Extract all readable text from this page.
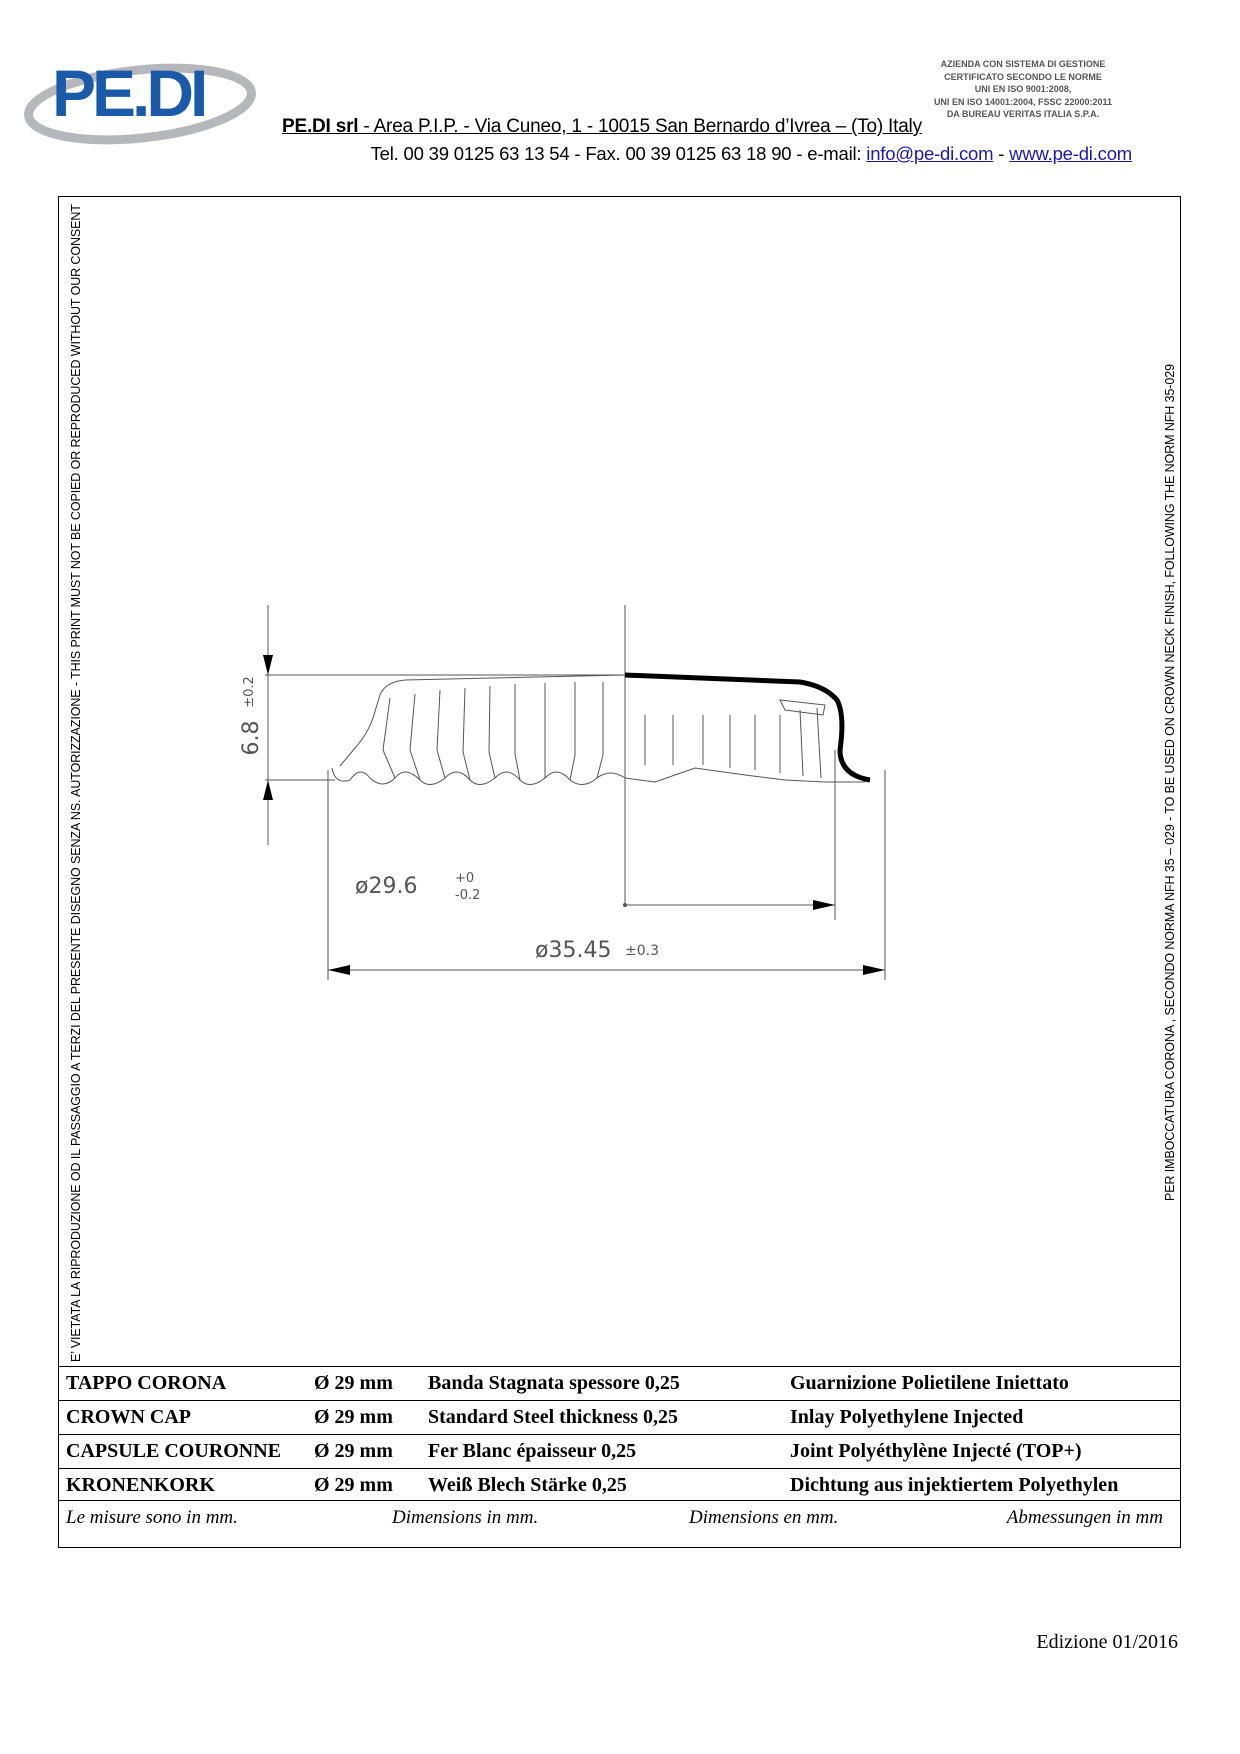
PE.DI	AZIENDA CON SISTEMA DI GESTIONE
CERTIFICATO SECONDO LE NORME
UNI EN ISO 9001:2008,
UNI EN ISO 14001:2004, FSSC 22000:2011
DA BUREAU VERITAS ITALIA S.P.A.
PE.DI srl - Area P.I.P. - Via Cuneo, 1 - 10015 San Bernardo d’Ivrea – (To) Italy
Tel. 00 39 0125 63 13 54 - Fax. 00 39 0125 63 18 90 - e-mail: info@pe-di.com - www.pe-di.com
E’ VIETATA LA RIPRODUZIONE OD IL PASSAGGIO A TERZI DEL PRESENTE DISEGNO SENZA NS. AUTORIZZAZIONE - THIS PRINT MUST NOT BE COPIED OR REPRODUCED WITHOUT OUR CONSENT	PER IMBOCCATURA CORONA , SECONDO NORMA NFH 35 – 029 - TO BE USED ON CROWN NECK FINISH, FOLLOWING THE NORM NFH 35-029
6.8
±0.2
ø29.6	+0
-0.2
ø35.45 ±0.3
TAPPO CORONA	Ø 29 mm	Banda Stagnata spessore 0,25	Guarnizione Polietilene Iniettato
CROWN CAP	Ø 29 mm	Standard Steel thickness 0,25	Inlay Polyethylene Injected
CAPSULE COURONNE	Ø 29 mm	Fer Blanc épaisseur 0,25	Joint Polyéthylène Injecté (TOP+)
KRONENKORK	Ø 29 mm	Weiß Blech Stärke 0,25	Dichtung aus injektiertem Polyethylen
Le misure sono in mm.	Dimensions in mm.	Dimensions en mm.	Abmessungen in mm
Edizione 01/2016
